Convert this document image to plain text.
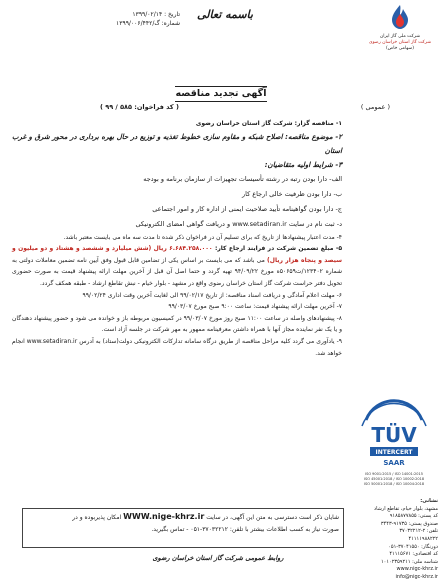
تاریخ : ۱۳۹۹/۰۲/۱۴
شماره: گ/۱۳۹۹/۰۰۶/۴۴۲
باسمه تعالی
شرکت ملی گاز ایران
شرکت گاز استان خراسان رضوی
(سهامی خاص)
آگهی تجدید مناقصه
( کد فراخوان: ۵۸۵ / ۹۹ )	( عمومی )

۱- مناقصه گزار: شرکت گاز استان خراسان رضوی

۲- موضوع مناقصه: اصلاح شبکه و مقاوم سازی خطوط تغذیه و توزیع در حال بهره برداری در محور شرق و غرب استان

۳- شرایط اولیه متقاضیان:

الف- دارا بودن رتبه در رشته تأسیسات تجهیزات از سازمان برنامه و بودجه

ب- دارا بودن ظرفیت خالی ارجاع کار

ج- دارا بودن گواهینامه تأیید صلاحیت ایمنی از اداره کار و امور اجتماعی

د- ثبت نام در سایت www.setadiran.ir و دریافت گواهی امضای الکترونیکی

۴- مدت اعتبار پیشنهادها از تاریخ که برای تسلیم آن در فراخوان ذکر شده تا مدت سه ماه می بایست معتبر باشد.

۵- مبلغ تضمین شرکت در فرایند ارجاع کار: ۶.۶۸۴.۲۵۸.۰۰۰ ریال (شش میلیارد و ششصد و هشتاد و دو میلیون و سیصد و پنجاه هزار ریال) می باشد که می بایست بر اساس یکی از تضامین قابل قبول وفق آیین نامه تضمین معاملات دولتی به شماره ۱۲۳۴۰۲/ت۵۰۶۵۹ه مورخ ۹۴/۰۹/۲۲ تهیه گردد و حتما اصل آن قبل از آخرین مهلت ارائه پیشنهاد قیمت به صورت حضوری تحویل دفتر حراست شرکت گاز استان خراسان رضوی واقع در مشهد - بلوار خیام - نبش تقاطع ارشاد - طبقه همکف گردد.

۶- مهلت اعلام آمادگی و دریافت اسناد مناقصه: از تاریخ ۹۹/۰۲/۱۷ الی لغایت آخرین وقت اداری ۹۹/۰۲/۲۴

۷- آخرین مهلت ارائه پیشنهاد قیمت: ساعت ۹:۰۰ صبح مورخ ۹۹/۰۳/۰۷

۸- پیشنهادهای واصله در ساعت ۱۱:۰۰ صبح روز مورخ ۹۹/۰۳/۰۷ در کمیسیون مربوطه باز و خوانده می شود و حضور پیشنهاد دهندگان و یا یک نفر نماینده مجاز آنها با همراه داشتن معرفینامه ممهور به مهر شرکت در جلسه آزاد است.

۹- یادآوری می گردد کلیه مراحل مناقصه از طریق درگاه سامانه تدارکات الکترونیکی دولت(ستاد) به آدرس www.setadiran.ir انجام خواهد شد.

شایان ذکر است دسترسی به متن این آگهی، در سایت WWW.nige-khrz.ir امکان پذیربوده و در
صورت نیاز به کسب اطلاعات بیشتر با تلفن: ۳۷۰۳۲۲۱۲-۰۵۱ - تماس بگیرید.
روابط عمومی شرکت گاز استان خراسان رضوی
TÜV
INTERCERT
SAAR
ISO 9001:2015 / ISO 14001:2015
ISO 45001:2018 / ISO 10002:2018
ISO 50001:2018 / ISO 10004:2018
نشانی:
مشهد، بلوار خیام، تقاطع ارشاد
کد پستی: ۹۱۸۵۸۷۷۸۵۵
صندوق پستی: ۹۱۷۳۵-۳۴۴۳
تلفن: ۲-۳۷۰۳۲۲۱۲
۴۱۱۱۱۹۸۸۲۲۲
دورنگار: ۳۷۰۴۱۵۵۰-۰۵۱
کد اقتصادی: ۴۱۱۱۵۶۷۱
شناسه ملی: ۱۰۱۰۲۳۵۹۲۱۱
www.nigc-khrz.ir
info@nigc-khrz.ir
